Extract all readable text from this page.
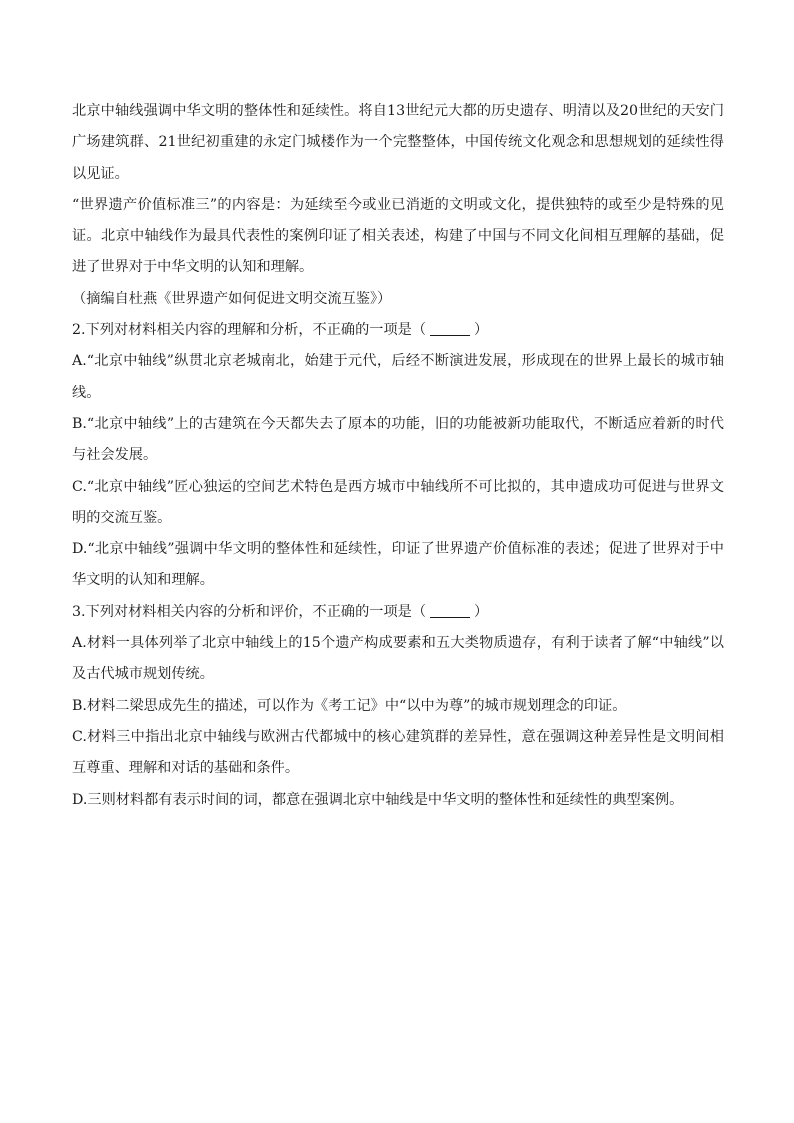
北京中轴线强调中华文明的整体性和延续性。将自13世纪元大都的历史遗存、明清以及20世纪的天安门广场建筑群、21世纪初重建的永定门城楼作为一个完整整体，中国传统文化观念和思想规划的延续性得以见证。

“世界遗产价值标准三”的内容是：为延续至今或业已消逝的文明或文化，提供独特的或至少是特殊的见证。北京中轴线作为最具代表性的案例印证了相关表述，构建了中国与不同文化间相互理解的基础，促进了世界对于中华文明的认知和理解。

（摘编自杜燕《世界遗产如何促进文明交流互鉴》）

2.下列对材料相关内容的理解和分析，不正确的一项是（	）

A.“北京中轴线”纵贯北京老城南北，始建于元代，后经不断演进发展，形成现在的世界上最长的城市轴线。

B.“北京中轴线”上的古建筑在今天都失去了原本的功能，旧的功能被新功能取代，不断适应着新的时代与社会发展。

C.“北京中轴线”匠心独运的空间艺术特色是西方城市中轴线所不可比拟的，其申遗成功可促进与世界文明的交流互鉴。

D.“北京中轴线”强调中华文明的整体性和延续性，印证了世界遗产价值标准的表述；促进了世界对于中华文明的认知和理解。

3.下列对材料相关内容的分析和评价，不正确的一项是（	）

A.材料一具体列举了北京中轴线上的15个遗产构成要素和五大类物质遗存，有利于读者了解“中轴线”以及古代城市规划传统。

B.材料二梁思成先生的描述，可以作为《考工记》中“以中为尊”的城市规划理念的印证。

C.材料三中指出北京中轴线与欧洲古代都城中的核心建筑群的差异性，意在强调这种差异性是文明间相互尊重、理解和对话的基础和条件。

D.三则材料都有表示时间的词，都意在强调北京中轴线是中华文明的整体性和延续性的典型案例。
